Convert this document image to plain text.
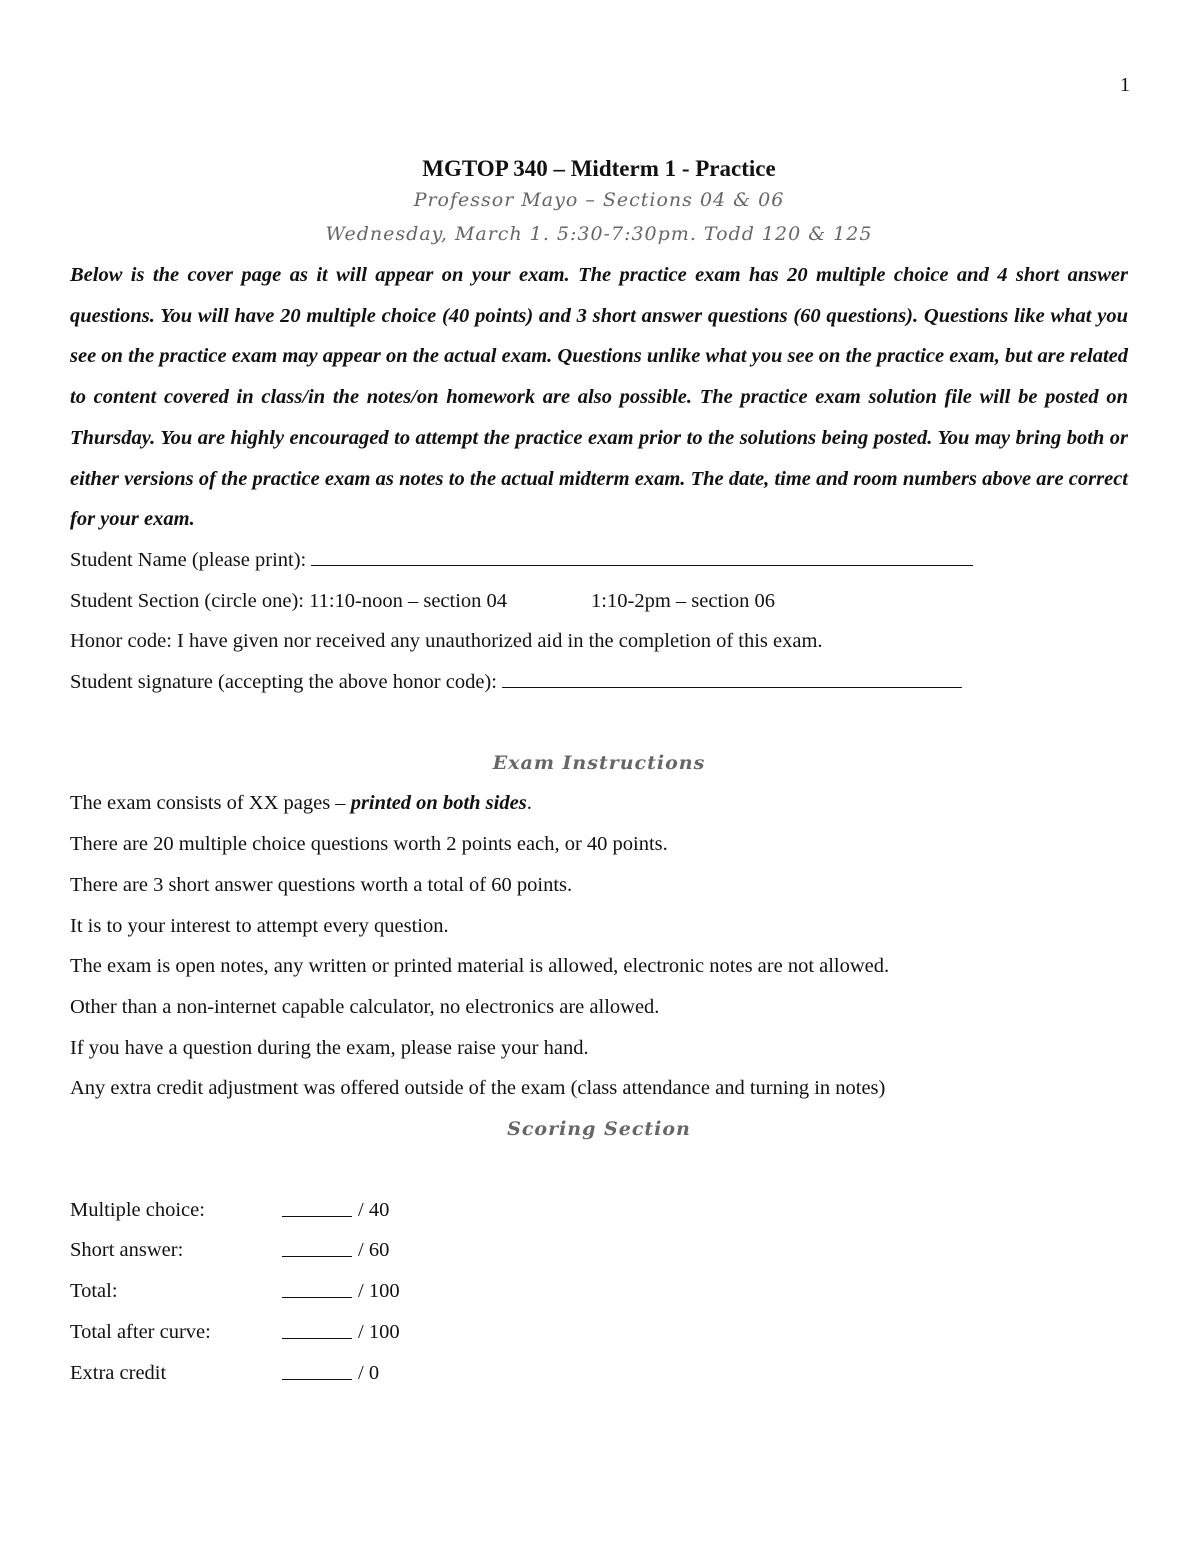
1
MGTOP 340 – Midterm 1 - Practice
Professor Mayo – Sections 04 & 06
Wednesday, March 1. 5:30-7:30pm. Todd 120 & 125
Below is the cover page as it will appear on your exam. The practice exam has 20 multiple choice and 4 short answer questions. You will have 20 multiple choice (40 points) and 3 short answer questions (60 questions). Questions like what you see on the practice exam may appear on the actual exam. Questions unlike what you see on the practice exam, but are related to content covered in class/in the notes/on homework are also possible. The practice exam solution file will be posted on Thursday. You are highly encouraged to attempt the practice exam prior to the solutions being posted. You may bring both or either versions of the practice exam as notes to the actual midterm exam. The date, time and room numbers above are correct for your exam.
Student Name (please print):
Student Section (circle one): 11:10-noon – section 04	1:10-2pm – section 06
Honor code: I have given nor received any unauthorized aid in the completion of this exam.
Student signature (accepting the above honor code):
Exam Instructions
The exam consists of XX pages – printed on both sides.
There are 20 multiple choice questions worth 2 points each, or 40 points.
There are 3 short answer questions worth a total of 60 points.
It is to your interest to attempt every question.
The exam is open notes, any written or printed material is allowed, electronic notes are not allowed.
Other than a non-internet capable calculator, no electronics are allowed.
If you have a question during the exam, please raise your hand.
Any extra credit adjustment was offered outside of the exam (class attendance and turning in notes)
Scoring Section
Multiple choice:	/ 40
Short answer:	/ 60
Total:	/ 100
Total after curve:	/ 100
Extra credit	/ 0
